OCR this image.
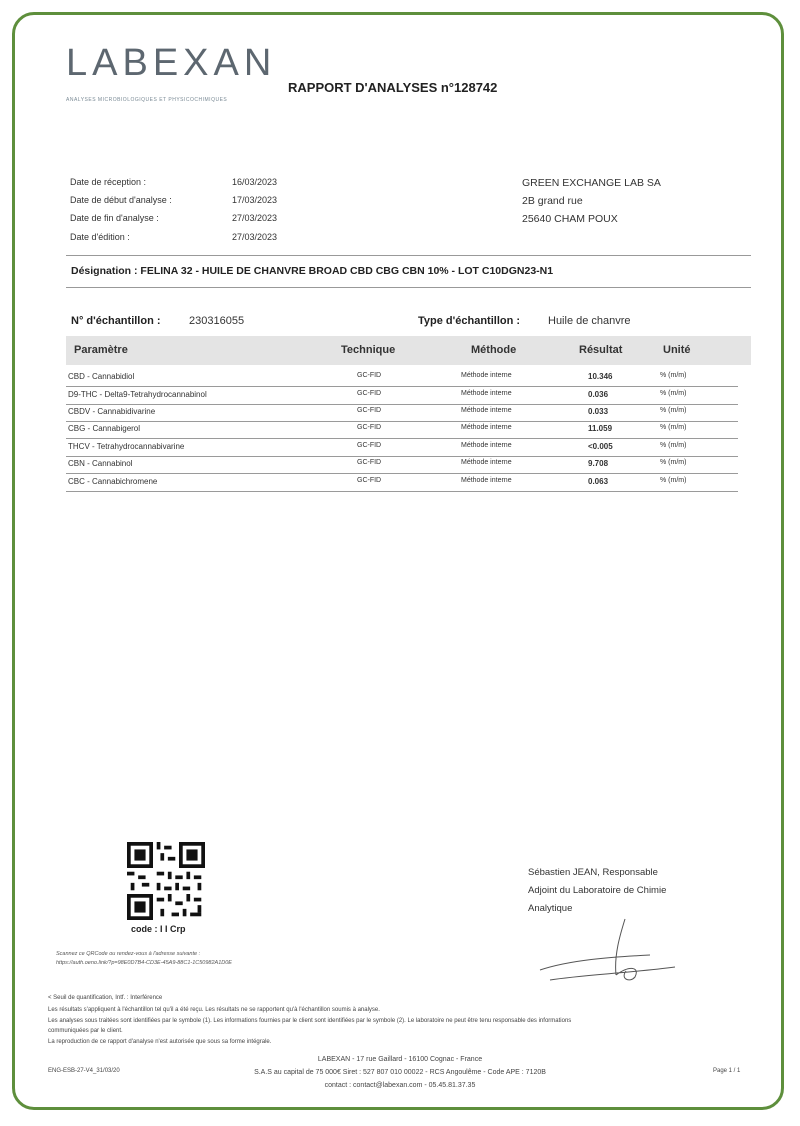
LABEXAN
ANALYSES MICROBIOLOGIQUES ET PHYSICOCHIMIQUES
RAPPORT D'ANALYSES n°128742
Date de réception :	16/03/2023
Date de début d'analyse :	17/03/2023
Date de fin d'analyse :	27/03/2023
Date d'édition :	27/03/2023
GREEN EXCHANGE LAB SA
2B grand rue
25640 CHAM POUX
Désignation : FELINA 32 - HUILE DE CHANVRE BROAD CBD CBG CBN 10% - LOT C10DGN23-N1
N° d'échantillon :	230316055	Type d'échantillon :	Huile de chanvre
Paramètre	Technique	Méthode	Résultat	Unité
CBD - Cannabidiol	GC-FID	Méthode interne	10.346	% (m/m)
D9-THC - Delta9-Tetrahydrocannabinol	GC-FID	Méthode interne	0.036	% (m/m)
CBDV - Cannabidivarine	GC-FID	Méthode interne	0.033	% (m/m)
CBG - Cannabigerol	GC-FID	Méthode interne	11.059	% (m/m)
THCV - Tetrahydrocannabivarine	GC-FID	Méthode interne	<0.005	% (m/m)
CBN - Cannabinol	GC-FID	Méthode interne	9.708	% (m/m)
CBC - Cannabichromene	GC-FID	Méthode interne	0.063	% (m/m)
code : I I Crp
Scannez ce QRCode ou rendez-vous à l'adresse suivante :
https://auth.oeno.link/?p=98E0D7B4-CD3E-45A9-88C1-1C50982A1D0E
Sébastien JEAN, Responsable
Adjoint du Laboratoire de Chimie
Analytique
< Seuil de quantification, Intf. : Interférence
Les résultats s'appliquent à l'échantillon tel qu'il a été reçu. Les résultats ne se rapportent qu'à l'échantillon soumis à analyse.
Les analyses sous traitées sont identifiées par le symbole (1). Les informations fournies par le client sont identifiées par le symbole (2). Le laboratoire ne peut être tenu responsable des informations
communiquées par le client.
La reproduction de ce rapport d'analyse n'est autorisée que sous sa forme intégrale.
ENG-ESB-27-V4_31/03/20
LABEXAN - 17 rue Gaillard - 16100 Cognac - France
S.A.S au capital de 75 000€ Siret : 527 807 010 00022 - RCS Angoulême - Code APE : 7120B
contact : contact@labexan.com - 05.45.81.37.35
Page 1 / 1
